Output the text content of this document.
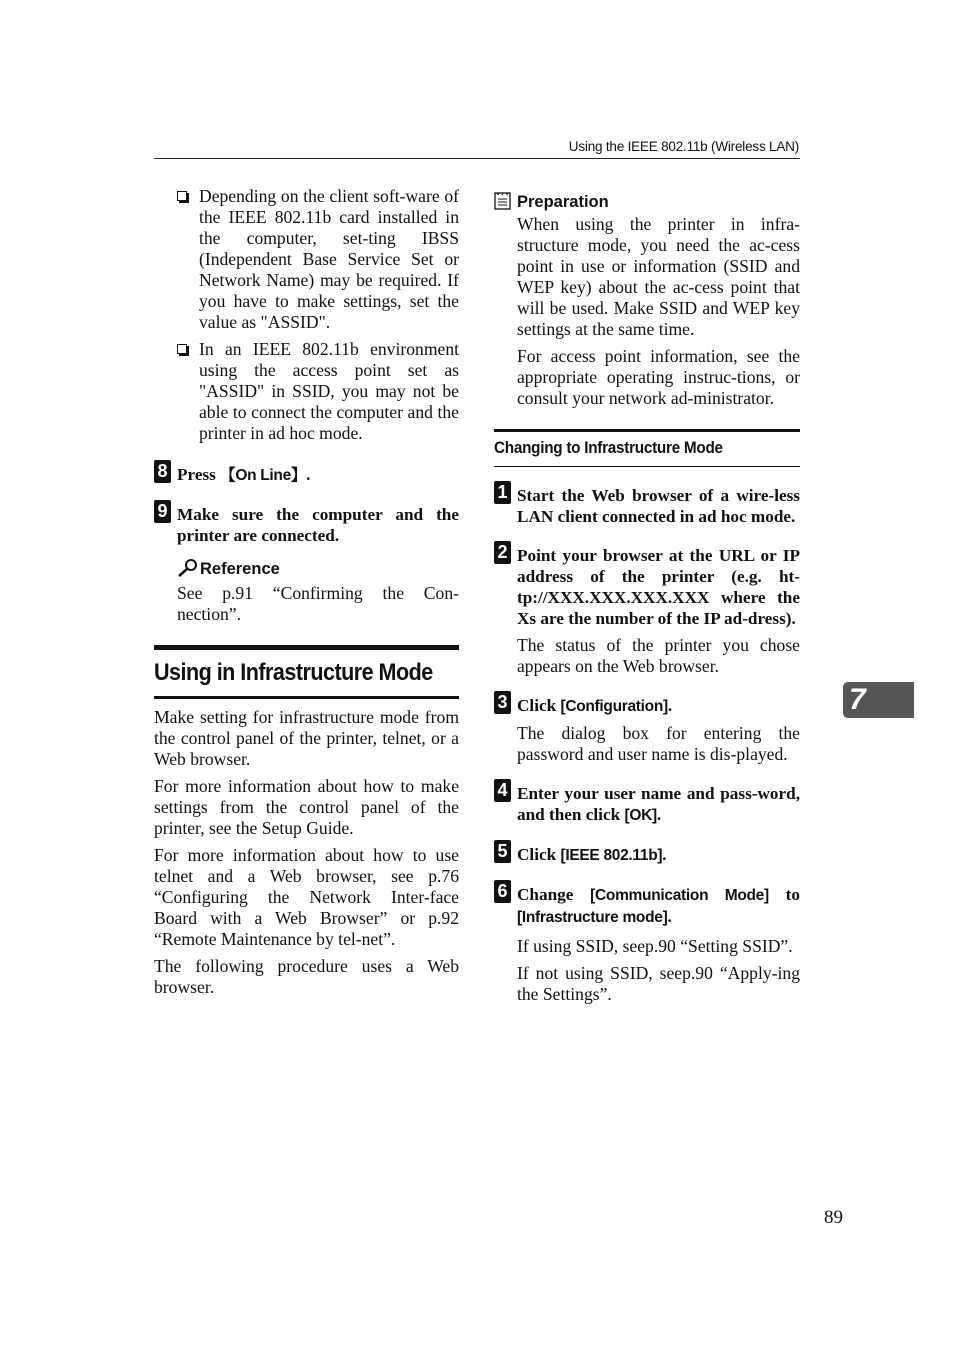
Using the IEEE 802.11b (Wireless LAN)
Depending on the client soft-ware of the IEEE 802.11b card installed in the computer, set-ting IBSS (Independent Base Service Set or Network Name) may be required. If you have to make settings, set the value as "ASSID".
In an IEEE 802.11b environment using the access point set as "ASSID" in SSID, you may not be able to connect the computer and the printer in ad hoc mode.
8 Press 【On Line】.
9 Make sure the computer and the printer are connected.
Reference

See p.91 “Confirming the Con-nection”.

Using in Infrastructure Mode

Make setting for infrastructure mode from the control panel of the printer, telnet, or a Web browser.

For more information about how to make settings from the control panel of the printer, see the Setup Guide.

For more information about how to use telnet and a Web browser, see p.76 “Configuring the Network Inter-face Board with a Web Browser” or p.92 “Remote Maintenance by tel-net”.

The following procedure uses a Web browser.

Preparation

When using the printer in infra-structure mode, you need the ac-cess point in use or information (SSID and WEP key) about the ac-cess point that will be used. Make SSID and WEP key settings at the same time.

For access point information, see the appropriate operating instruc-tions, or consult your network ad-ministrator.

Changing to Infrastructure Mode
1 Start the Web browser of a wire-less LAN client connected in ad hoc mode.
2 Point your browser at the URL or IP address of the printer (e.g. ht-tp://XXX.XXX.XXX.XXX where the Xs are the number of the IP ad-dress).

The status of the printer you chose appears on the Web browser.

3 Click [Configuration].

The dialog box for entering the password and user name is dis-played.

4 Enter your user name and pass-word, and then click [OK].
5 Click [IEEE 802.11b].
6 Change [Communication Mode] to [Infrastructure mode].

If using SSID, seep.90 “Setting SSID”.

If not using SSID, seep.90 “Apply-ing the Settings”.

7
89
